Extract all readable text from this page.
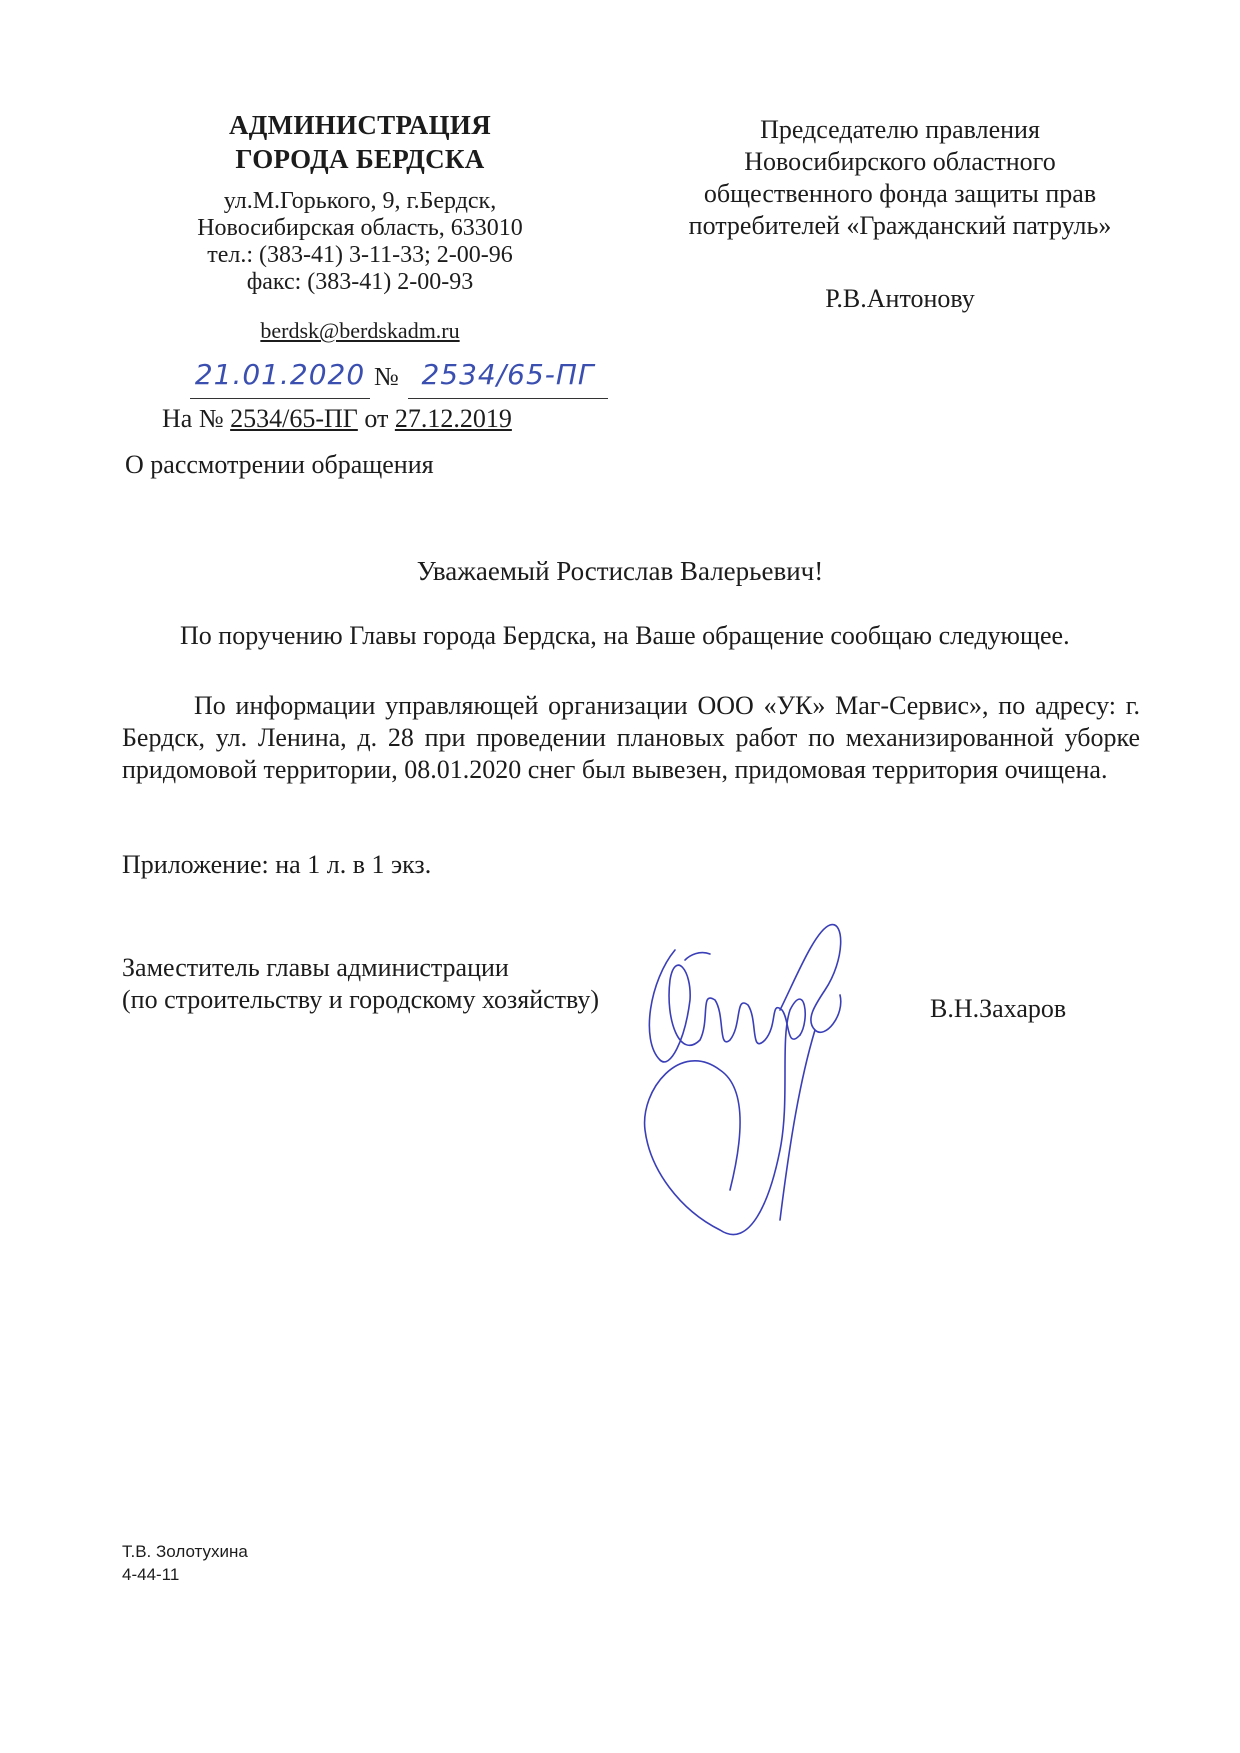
АДМИНИСТРАЦИЯ
ГОРОДА БЕРДСКА
ул.М.Горького, 9, г.Бердск,
Новосибирская область, 633010
тел.: (383-41) 3-11-33; 2-00-96
факс: (383-41) 2-00-93
berdsk@berdskadm.ru
21.01.2020 № 2534/65-ПГ
На № 2534/65-ПГ от 27.12.2019
О рассмотрении обращения
Председателю правления
Новосибирского областного
общественного фонда защиты прав
потребителей «Гражданский патруль»
Р.В.Антонову
Уважаемый Ростислав Валерьевич!
По поручению Главы города Бердска, на Ваше обращение сообщаю следующее.
По информации управляющей организации ООО «УК» Маг-Сервис», по адресу: г. Бердск, ул. Ленина, д. 28 при проведении плановых работ по механизированной уборке придомовой территории, 08.01.2020 снег был вывезен, придомовая территория очищена.
Приложение: на 1 л. в 1 экз.
Заместитель главы администрации
(по строительству и городскому хозяйству)	В.Н.Захаров
Т.В. Золотухина
4-44-11
